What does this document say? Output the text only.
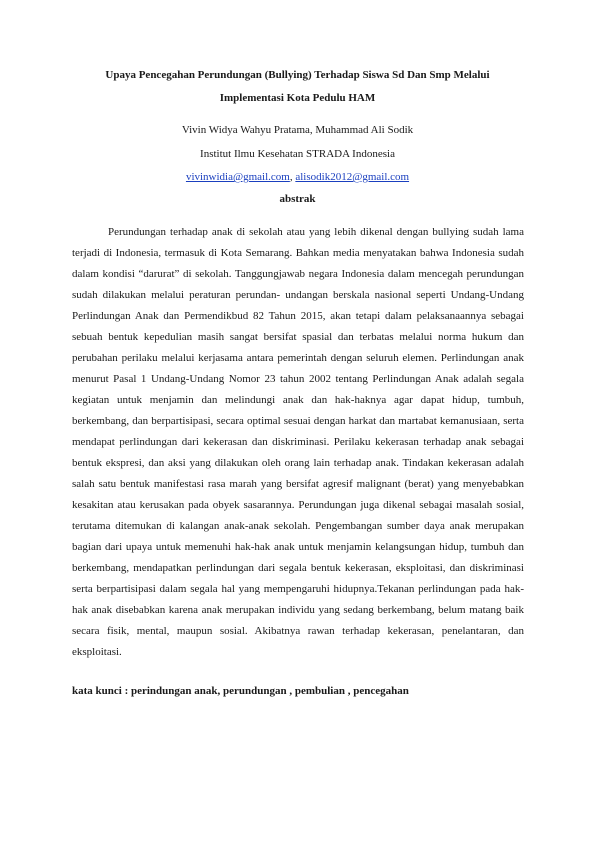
Upaya Pencegahan Perundungan (Bullying) Terhadap Siswa Sd Dan Smp Melalui
Implementasi Kota Pedulu HAM

Vivin Widya Wahyu Pratama, Muhammad Ali Sodik

Institut Ilmu Kesehatan STRADA Indonesia

vivinwidia@gmail.com, alisodik2012@gmail.com

abstrak

Perundungan terhadap anak di sekolah atau yang lebih dikenal dengan bullying sudah lama terjadi di Indonesia, termasuk di Kota Semarang. Bahkan media menyatakan bahwa Indonesia sudah dalam kondisi “darurat” di sekolah. Tanggungjawab negara Indonesia dalam mencegah perundungan sudah dilakukan melalui peraturan perundan- undangan berskala nasional seperti Undang-Undang Perlindungan Anak dan Permendikbud 82 Tahun 2015, akan tetapi dalam pelaksanaannya sebagai sebuah bentuk kepedulian masih sangat bersifat spasial dan terbatas melalui norma hukum dan perubahan perilaku melalui kerjasama antara pemerintah dengan seluruh elemen. Perlindungan anak menurut Pasal 1 Undang-Undang Nomor 23 tahun 2002 tentang Perlindungan Anak adalah segala kegiatan untuk menjamin dan melindungi anak dan hak-haknya agar dapat hidup, tumbuh, berkembang, dan berpartisipasi, secara optimal sesuai dengan harkat dan martabat kemanusiaan, serta mendapat perlindungan dari kekerasan dan diskriminasi. Perilaku kekerasan terhadap anak sebagai bentuk ekspresi, dan aksi yang dilakukan oleh orang lain terhadap anak. Tindakan kekerasan adalah salah satu bentuk manifestasi rasa marah yang bersifat agresif malignant (berat) yang menyebabkan kesakitan atau kerusakan pada obyek sasarannya. Perundungan juga dikenal sebagai masalah sosial, terutama ditemukan di kalangan anak-anak sekolah. Pengembangan sumber daya anak merupakan bagian dari upaya untuk memenuhi hak-hak anak untuk menjamin kelangsungan hidup, tumbuh dan berkembang, mendapatkan perlindungan dari segala bentuk kekerasan, eksploitasi, dan diskriminasi serta berpartisipasi dalam segala hal yang mempengaruhi hidupnya.Tekanan perlindungan pada hak-hak anak disebabkan karena anak merupakan individu yang sedang berkembang, belum matang baik secara fisik, mental, maupun sosial. Akibatnya rawan terhadap kekerasan, penelantaran, dan eksploitasi.

kata kunci : perindungan anak, perundungan , pembulian , pencegahan
